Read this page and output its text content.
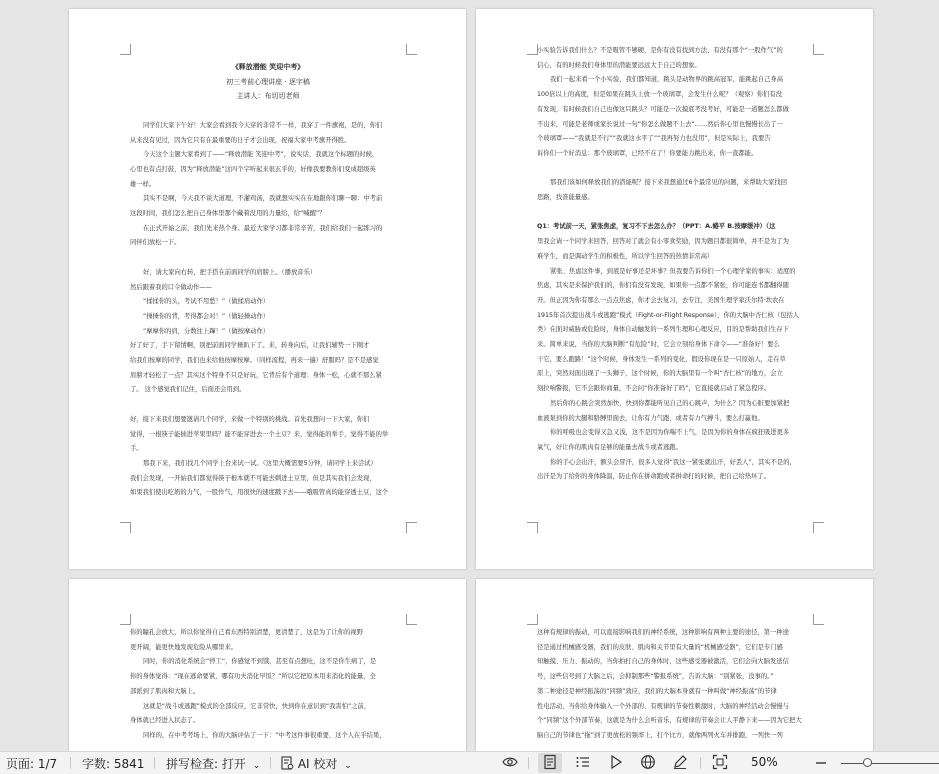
《释放潜能 笑迎中考》

初三考前心理讲座 · 逐字稿

主讲人：布切切老师

同学们大家下午好！大家会看到我今天穿的非常不一样，我穿了一件旗袍，是的，你们

从来没有见过，因为它只有在最重要的日子才会出现，祝福大家中考旗开得胜。

今天这个主题大家看到了——“释放潜能 笑迎中考”，说实话，我就这个标题的时候，

心里也有点打鼓，因为“释放潜能”这四个字听起来很玄乎的，好像我要教你们变成超级英

雄一样。

其实不是啊，今天我不谈大道理，不灌鸡汤，我就想实实在在地跟你们聊一聊：中考前

这段时间，我们怎么把自己身体里那个藏着没用的力量给，给“喊醒”？

在正式开始之前，我们先来热个身。最近大家学习都非常辛苦，我们给我们一起练习的

同伴们放松一下。

好，请大家向右转，把手搭在前面同学的肩膀上。（播放音乐）

然后跟着我的口令做动作——

“揉揉你的头，考试不用愁！”（做揉肩动作）

“捶捶你的背，考得都会对！”（做轻捶动作）

“摩摩你的肩，分数往上蹿！”（做按摩动作）

好了好了，手下留情啊，别把前面同学捶趴下了。来，转身向后，让我们辅势一下刚才

给我们按摩的同学，我们也来给他按摩按摩。（同样流程，再来一遍）舒服吗？是不是感觉

肩膀才轻松了一点？其实这个特身不只是好玩，它背后有个道理：身体一松，心就不那么紧

了。 这个感觉我们记住，后面还会用到。

好，接下来我们想要邀请几个同学，来做一个特别的挑战。首先我想问一下大家，你们

觉得，一根筷子能插进苹果里吗？能不能穿进去一个土豆？来，觉得能的举手，觉得不能的举

手。

那我下来，我们找几个同学上台来试一试。（这里大概需要5分钟，请同学上来尝试）

我们会发现，一开始我们都觉得筷子根本就不可能去刺进土豆里，但是其实我们会发现，

如果我们使出吃奶的力气，一股作气，用很快的速度戳下去——哦吸管真的能穿透土豆，这个

小实验告诉我们什么？不是吸管不够硬，是你有没有找到方法、有没有那个“一股作气”的

信心，有的时候我们身体里的潜能要远远大于自己的想象。

我们一起来看一个小实验，我们都知道，跳头是动物界的跳高冠军，能跳起自己身高

100倍以上的高度，但是如果在跳头上放一个玻璃罩，会发生什么呢？（观察）你们有没

有发现，有时候我们自己也像这只跳头？可能是一次摸底考没考好，可能是一道题怎么都做

不出来，可能是老师或家长说过一句“你怎么做题不上去”……然后你心里也慢慢长出了一

个玻璃罩——“我就是不行”“我就这水平了”“我再努力也没用”，但是实际上，我要告

诉你们一个好消息：那个玻璃罩，已经不在了！你要能力跳出来，你一直都能。

那我们该如何释放我们的潜能呢？接下来我想通过6个最常见的问题，来帮助大家找回

思路，找准能量感。

Q1：考试前一天，紧张焦虑，复习不下去怎么办？（PPT：A.蜷平 B.按摩缓冲）（这

里我会请一个同学来回答，回答对了就会有小零食奖励，因为题目都很简单，并不是为了为

难学生，而是调动学生的积极性，所以学生回答的热情非常高）

紧张、焦虑这件事，到底是好事还是坏事？但我要告诉你们一个心理学家的事实：适度的

焦虑，其实是来保护我们的，你们有没有发现，如果你一点都不紧张，你可能连书都翻得随

开。但正因为你有那么一点点焦虑，你才会去复习，去专注，美国生理学家沃尔特·坎农在

1915年首次提出战斗或逃跑”模式（Fight-or-Flight Response），你的大脑中杏仁核（包括人

类）在面对威胁或危险时，身体自动触发的一系列生理和心理反应，目的是帮助我们生存下

来。简单来说，当你的大脑判断“有危险”时，它会立刻给身体下命令——“准备好！要么

干它，要么跑路！”这个时候，身体发生一系列的变化，假设你现在是一只原始人，走在草

原上，突然对面出现了一头狮子，这个时候，你的大脑里有一个叫“杏仁核”的地方，会立

刻拉响警报，它不会跟你商量，不会问“你准备好了吗”，它直接就启动了紧急程序。

然后你的心跳会突然加快，快到你都能听见自己的心跳声，为什么？因为心脏要加紧把

血液泵到你的大腿和胳膊里面去，让你有力气跑，或者有力气搏斗，要么打赢他。

你的呼吸也会变得又急又浅，这不是因为你喘不上气，是因为你的身体在疯狂吸进更多

氧气，好让你的肌肉有足够的能量去战斗或者逃跑。

你的手心会出汗，额头会冒汗，很多人觉得“我这一紧张就出汗，好丢人”，其实不是的，

出汗是为了给你的身体降温，防止你在拼命跑或者拼命打的时候，把自己给热坏了。

你的瞳孔会放大，所以你觉得自己看东西特别清楚，更清楚了，这是为了让你的视野

更开阔，能更快地发现危险从哪里来。

同时，你的消化系统会“停工”，你感觉不到饿，甚至有点想吐，这不是你生病了，是

你的身体觉得：“现在逃命要紧，哪有功夫消化早饭？”所以它把原本用来消化的能量，全

部派到了肌肉和大脑上。

这就是“战斗或逃跑”模式的全部反应，它非常快，快到你在意识到“我害怕”之前，

身体就已经进入状态了。

同样的，在中考考场上，你的大脑评估了一下：“中考这件事很重要，这个人在乎结果，

这种有规律的振动，可以直接影响我们的神经系统，这种影响有两种主要的途径，第一种途

径是通过机械感受器，我们的皮肤、肌肉和关节里有大量的“机械感受器”，它们是专门感

知触摸、压力、振动的，当你拍打自己的身体时，这些感受器被激活，它们会向大脑发送信

号，这些信号到了大脑之后，会抑制那些“警报系统”，告诉大脑：“别紧张，没事的。”

第二种途径是神经振荡的“同频”效应，我们的大脑本身就有一种叫做“神经振荡”的节律

性电活动，当你给身体输入一个外部的、有规律的节奏性刺激时，大脑的神经活动会慢慢与

个“同频”这个外部节奏，这就是为什么会听音乐，有规律的节奏会让人平静下来——因为它把大

脑自己的节律也“拖”到了更放松的频率上，打个比方，就像两列火车并排跑，一列快一列

页面: 1/7 字数: 5841 拼写检查: 打开 ⌄	AI 校对 ⌄	50%
